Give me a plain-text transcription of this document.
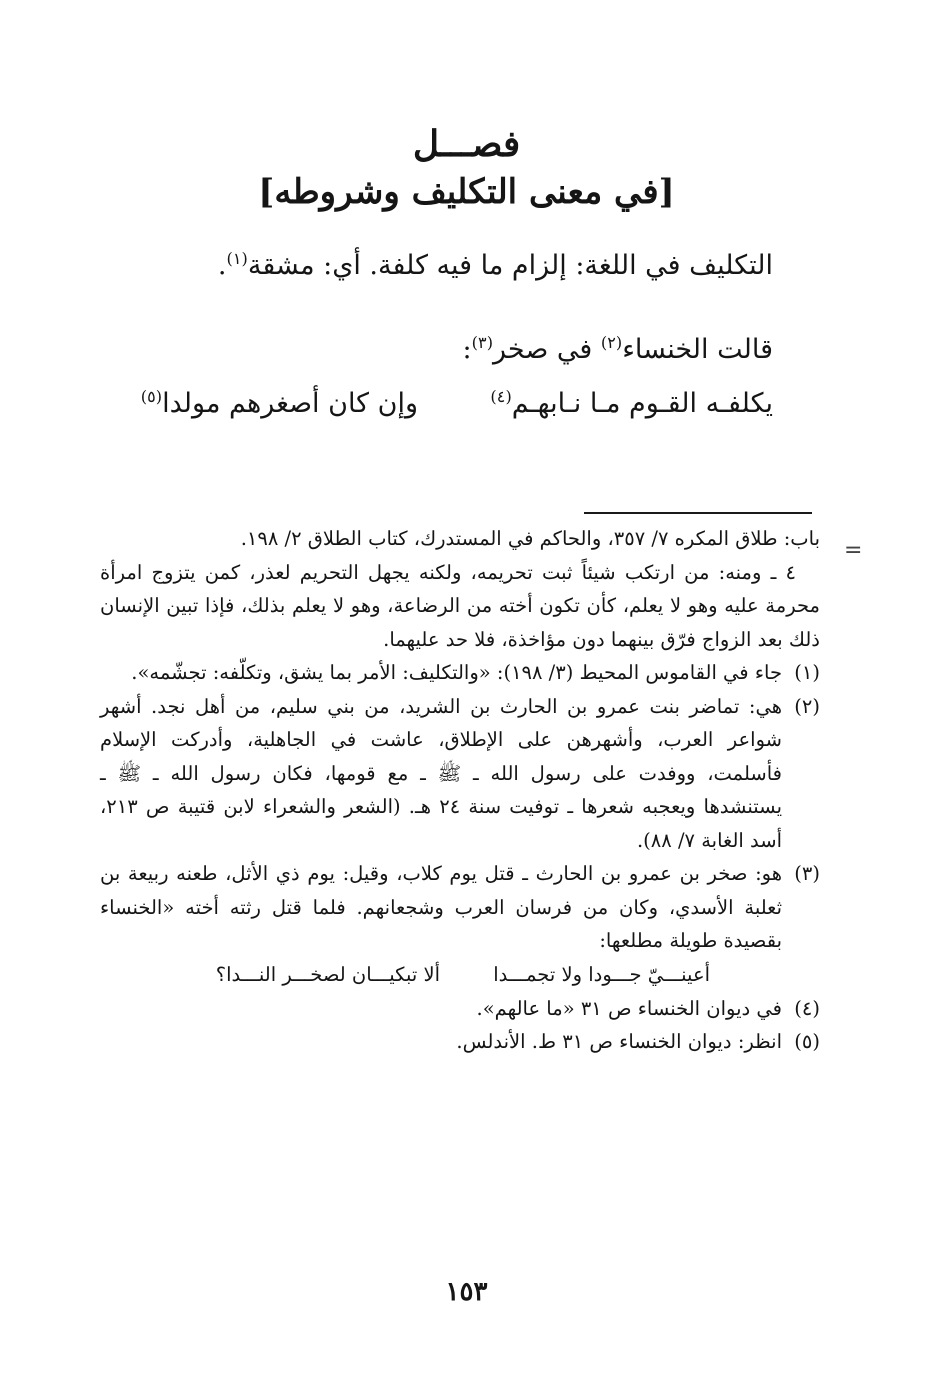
فصـــل
[في معنى التكليف وشروطه]
التكليف في اللغة: إلزام ما فيه كلفة. أي: مشقة$^{(١)}$.
قالت الخنساء$^{(٢)}$ في صخر$^{(٣)}$:
يكلفـه القـوم مـا نـابهـم$^{(٤)}$
وإن كان أصغرهم مولدا$^{(٥)}$
=

باب: طلاق المكره ٧/ ٣٥٧، والحاكم في المستدرك، كتاب الطلاق ٢/ ١٩٨.

٤ ـ ومنه: من ارتكب شيئاً ثبت تحريمه، ولكنه يجهل التحريم لعذر، كمن يتزوج امرأة محرمة عليه وهو لا يعلم، كأن تكون أخته من الرضاعة، وهو لا يعلم بذلك، فإذا تبين الإنسان ذلك بعد الزواج فرّق بينهما دون مؤاخذة، فلا حد عليهما.

(١)
جاء في القاموس المحيط (٣/ ١٩٨): «والتكليف: الأمر بما يشق، وتكلّفه: تجشّمه».
(٢)
هي: تماضر بنت عمرو بن الحارث بن الشريد، من بني سليم، من أهل نجد. أشهر شواعر العرب، وأشهرهن على الإطلاق، عاشت في الجاهلية، وأدركت الإسلام فأسلمت، ووفدت على رسول الله ـ ﷺ ـ مع قومها، فكان رسول الله ـ ﷺ ـ يستنشدها ويعجبه شعرها ـ توفيت سنة ٢٤ هـ. (الشعر والشعراء لابن قتيبة ص ٢١٣، أسد الغابة ٧/ ٨٨).
(٣)
هو: صخر بن عمرو بن الحارث ـ قتل يوم كلاب، وقيل: يوم ذي الأثل، طعنه ربيعة بن ثعلبة الأسدي، وكان من فرسان العرب وشجعانهم. فلما قتل رثته أخته «الخنساء بقصيدة طويلة مطلعها:
أعينـــيّ جـــودا ولا تجمـــدا
ألا تبكيـــان لصخـــر النـــدا؟
(٤)
في ديوان الخنساء ص ٣١ «ما عالهم».
(٥)
انظر: ديوان الخنساء ص ٣١ ط. الأندلس.
١٥٣
